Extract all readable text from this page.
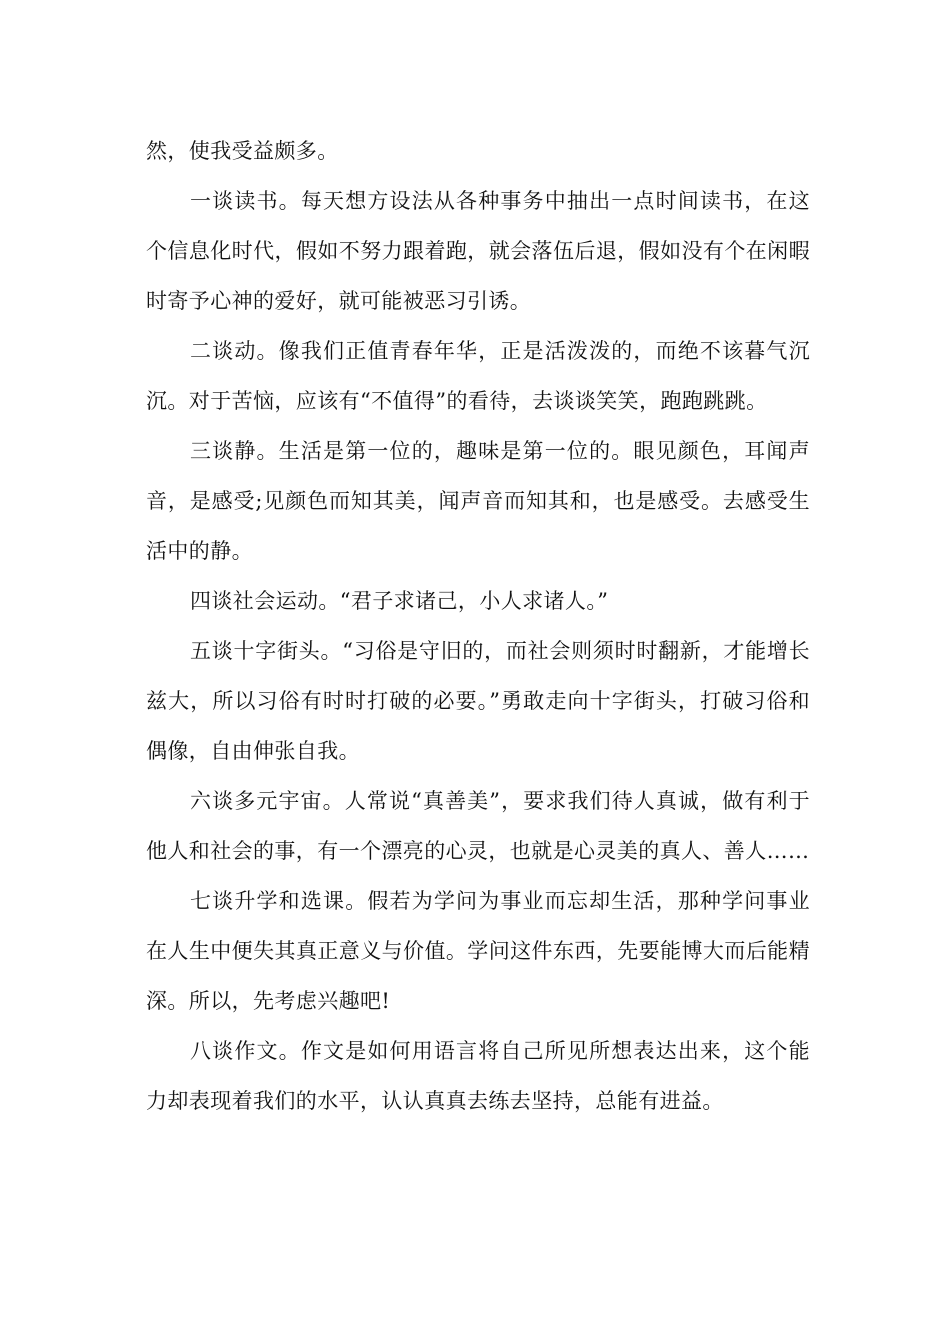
然，使我受益颇多。

一谈读书。每天想方设法从各种事务中抽出一点时间读书，在这个信息化时代，假如不努力跟着跑，就会落伍后退，假如没有个在闲暇时寄予心神的爱好，就可能被恶习引诱。

二谈动。像我们正值青春年华，正是活泼泼的，而绝不该暮气沉沉。对于苦恼，应该有“不值得”的看待，去谈谈笑笑，跑跑跳跳。

三谈静。生活是第一位的，趣味是第一位的。眼见颜色，耳闻声音，是感受;见颜色而知其美，闻声音而知其和，也是感受。去感受生活中的静。

四谈社会运动。“君子求诸己，小人求诸人。”

五谈十字街头。“习俗是守旧的，而社会则须时时翻新，才能增长兹大，所以习俗有时时打破的必要。”勇敢走向十字街头，打破习俗和偶像，自由伸张自我。

六谈多元宇宙。人常说“真善美”，要求我们待人真诚，做有利于他人和社会的事，有一个漂亮的心灵，也就是心灵美的真人、善人……

七谈升学和选课。假若为学问为事业而忘却生活，那种学问事业在人生中便失其真正意义与价值。学问这件东西，先要能博大而后能精深。所以，先考虑兴趣吧!

八谈作文。作文是如何用语言将自己所见所想表达出来，这个能力却表现着我们的水平，认认真真去练去坚持，总能有进益。
